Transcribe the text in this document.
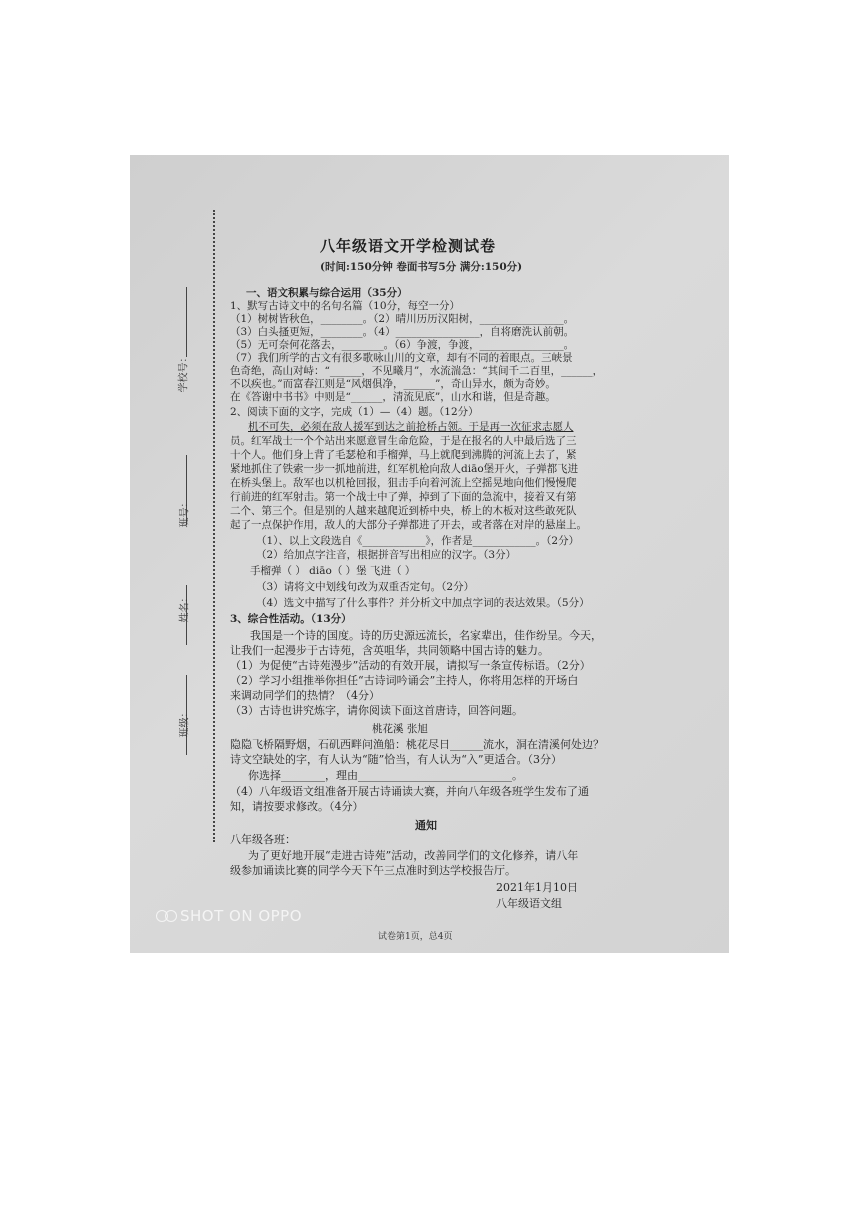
学校号：
班号：
姓名：
班级：
八年级语文开学检测试卷
(时间:150分钟 卷面书写5分 满分:150分)
一、语文积累与综合运用（35分）
1、默写古诗文中的名句名篇（10分，每空一分）
（1）树树皆秋色，________。（2）晴川历历汉阳树，________________。
（3）白头搔更短，________。（4）________________，自将磨洗认前朝。
（5）无可奈何花落去，________。（6）争渡，争渡，________________。
（7）我们所学的古文有很多歌咏山川的文章，却有不同的着眼点。三峡景
色奇绝，高山对峙：“______，不见曦月”，水流湍急：“其间千二百里，______，
不以疾也。”而富春江则是“风烟俱净，______”，奇山异水，颇为奇妙。
在《答谢中书书》中则是“______，清流见底”，山水和谐，但是奇趣。
2、阅读下面的文字，完成（1）—（4）题。（12分）
机不可失，必须在敌人援军到达之前抢桥占领。于是再一次征求志愿人
员。红军战士一个个站出来愿意冒生命危险，于是在报名的人中最后选了三
十个人。他们身上背了毛瑟枪和手榴弹，马上就爬到沸腾的河流上去了，紧
紧地抓住了铁索一步一抓地前进，红军机枪向敌人diāo堡开火，子弹都飞进
在桥头堡上。敌军也以机枪回报，狙击手向着河流上空摇晃地向他们慢慢爬
行前进的红军射击。第一个战士中了弹，掉到了下面的急流中，接着又有第
二个、第三个。但是别的人越来越爬近到桥中央，桥上的木板对这些敢死队
起了一点保护作用，敌人的大部分子弹都进了开去，或者落在对岸的悬崖上。
（1）、以上文段选自《____________》，作者是____________。（2分）
（2）给加点字注音，根据拼音写出相应的汉字。（3分）
手榴弹（ ） diāo（ ）堡 飞进（ ）
（3）请将文中划线句改为双重否定句。（2分）
（4）选文中描写了什么事件？并分析文中加点字词的表达效果。（5分）
3、综合性活动。（13分）
我国是一个诗的国度。诗的历史源远流长，名家辈出，佳作纷呈。今天，
让我们一起漫步于古诗苑，含英咀华，共同领略中国古诗的魅力。
（1）为促使“古诗苑漫步”活动的有效开展，请拟写一条宣传标语。（2分）
（2）学习小组推举你担任“古诗词吟诵会”主持人，你将用怎样的开场白
来调动同学们的热情？（4分）
（3）古诗也讲究炼字，请你阅读下面这首唐诗，回答问题。
桃花溪 张旭
隐隐飞桥隔野烟，石矶西畔问渔船：桃花尽日______流水，洞在清溪何处边？
诗文空缺处的字，有人认为“随”恰当，有人认为“入”更适合。（3分）
你选择________，理由____________________________。
（4）八年级语文组准备开展古诗诵读大赛，并向八年级各班学生发布了通
知，请按要求修改。（4分）
通知
八年级各班：
为了更好地开展“走进古诗苑”活动，改善同学们的文化修养，请八年
级参加诵读比赛的同学今天下午三点准时到达学校报告厅。
2021年1月10日
八年级语文组
试卷第1页，总4页
SHOT ON OPPO
